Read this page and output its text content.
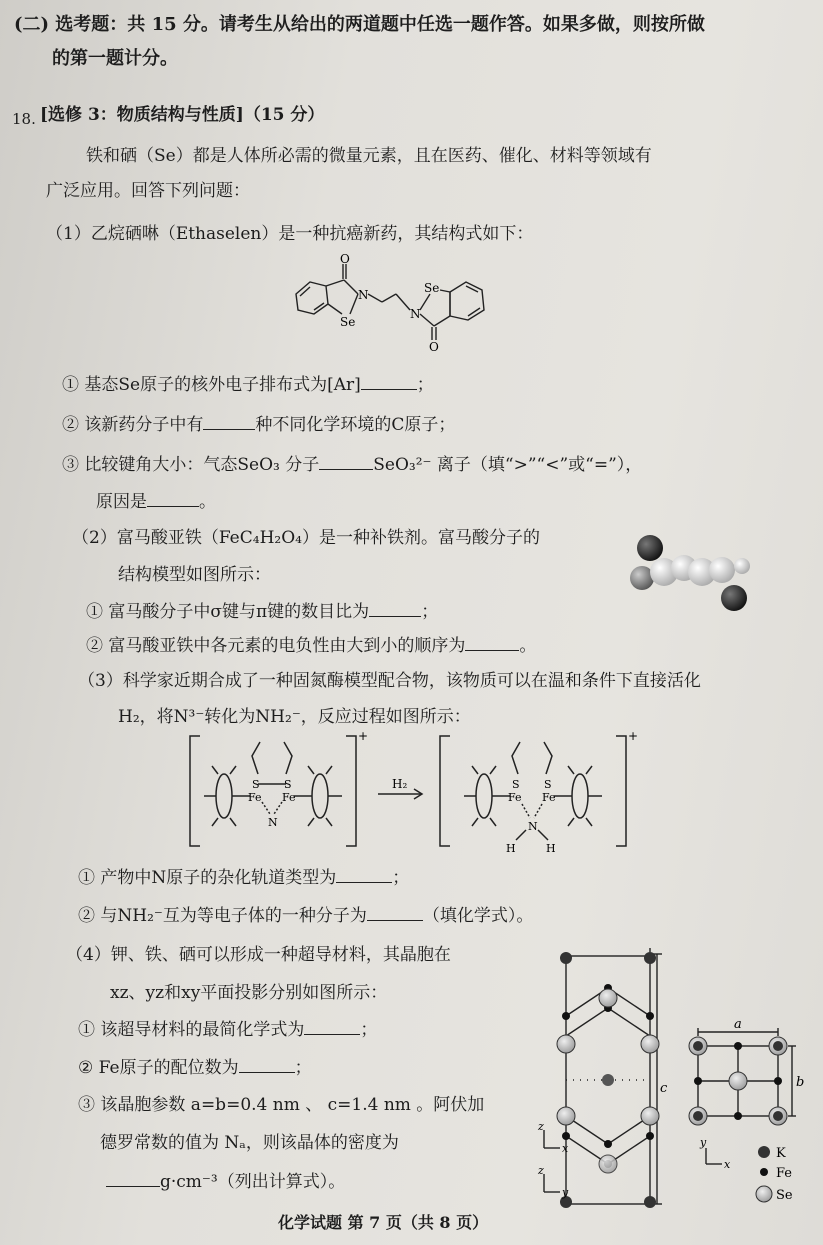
(二) 选考题：共 15 分。请考生从给出的两道题中任选一题作答。如果多做，则按所做
的第一题计分。
18. [选修 3：物质结构与性质]（15 分）
铁和硒（Se）都是人体所必需的微量元素，且在医药、催化、材料等领域有
广泛应用。回答下列问题：
（1）乙烷硒啉（Ethaselen）是一种抗癌新药，其结构式如下：
O
N
Se
N
Se
O
① 基态Se原子的核外电子排布式为[Ar]	；
② 该新药分子中有	种不同化学环境的C原子；
③ 比较键角大小：气态SeO₃ 分子	SeO₃²⁻ 离子（填“>”“<”或“=”），
原因是	。
（2）富马酸亚铁（FeC₄H₂O₄）是一种补铁剂。富马酸分子的
结构模型如图所示：
① 富马酸分子中σ键与π键的数目比为	；
② 富马酸亚铁中各元素的电负性由大到小的顺序为	。
（3）科学家近期合成了一种固氮酶模型配合物，该物质可以在温和条件下直接活化
H₂，将N³⁻转化为NH₂⁻，反应过程如图所示：
S S
Fe Fe
N
+
H₂	S S
Fe Fe
N
H	H
+
① 产物中N原子的杂化轨道类型为	；
② 与NH₂⁻互为等电子体的一种分子为	（填化学式）。
（4）钾、铁、硒可以形成一种超导材料，其晶胞在
xz、yz和xy平面投影分别如图所示：
① 该超导材料的最简化学式为	；
② Fe原子的配位数为	；
③ 该晶胞参数 a=b=0.4 nm 、 c=1.4 nm 。阿伏加
德罗常数的值为 Nₐ，则该晶体的密度为
g·cm⁻³（列出计算式）。
c
a
b
z
x
z
y
y
x
K
Fe
Se
化学试题 第 7 页（共 8 页）
